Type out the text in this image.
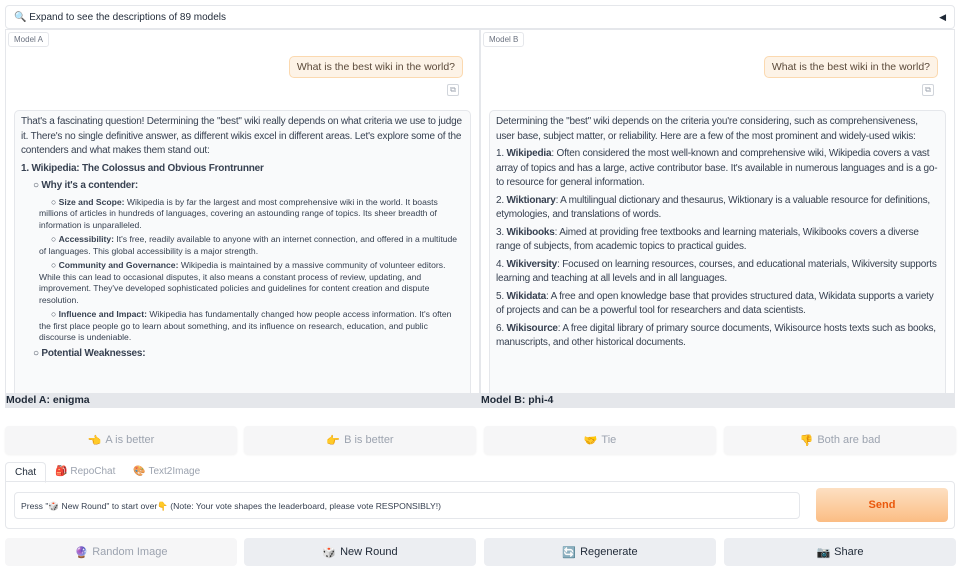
🔍 Expand to see the descriptions of 89 models	◀
Model A
What is the best wiki in the world?
⧉

That's a fascinating question! Determining the "best" wiki really depends on what criteria we use to judge it. There's no single definitive answer, as different wikis excel in different areas. Let's explore some of the contenders and what makes them stand out:

1. Wikipedia: The Colossus and Obvious Frontrunner
○ Why it's a contender:
○ Size and Scope: Wikipedia is by far the largest and most comprehensive wiki in the world. It boasts millions of articles in hundreds of languages, covering an astounding range of topics. Its sheer breadth of information is unparalleled.
○ Accessibility: It's free, readily available to anyone with an internet connection, and offered in a multitude of languages. This global accessibility is a major strength.
○ Community and Governance: Wikipedia is maintained by a massive community of volunteer editors. While this can lead to occasional disputes, it also means a constant process of review, updating, and improvement. They've developed sophisticated policies and guidelines for content creation and dispute resolution.
○ Influence and Impact: Wikipedia has fundamentally changed how people access information. It's often the first place people go to learn about something, and its influence on research, education, and public discourse is undeniable.
○ Potential Weaknesses:
Model B
What is the best wiki in the world?
⧉

Determining the "best" wiki depends on the criteria you're considering, such as comprehensiveness, user base, subject matter, or reliability. Here are a few of the most prominent and widely-used wikis:

1. Wikipedia: Often considered the most well-known and comprehensive wiki, Wikipedia covers a vast array of topics and has a large, active contributor base. It's available in numerous languages and is a go-to resource for general information.

2. Wiktionary: A multilingual dictionary and thesaurus, Wiktionary is a valuable resource for definitions, etymologies, and translations of words.

3. Wikibooks: Aimed at providing free textbooks and learning materials, Wikibooks covers a diverse range of subjects, from academic topics to practical guides.

4. Wikiversity: Focused on learning resources, courses, and educational materials, Wikiversity supports learning and teaching at all levels and in all languages.

5. Wikidata: A free and open knowledge base that provides structured data, Wikidata supports a variety of projects and can be a powerful tool for researchers and data scientists.

6. Wikisource: A free digital library of primary source documents, Wikisource hosts texts such as books, manuscripts, and other historical documents.

Model A: enigma	Model B: phi-4
👈 A is better	👉 B is better	🤝 Tie	👎 Both are bad
Chat	🎒 RepoChat	🎨 Text2Image
Press "🎲 New Round" to start over👇 (Note: Your vote shapes the leaderboard, please vote RESPONSIBLY!)	Send
🔮 Random Image	🎲 New Round	🔄 Regenerate	📷 Share
